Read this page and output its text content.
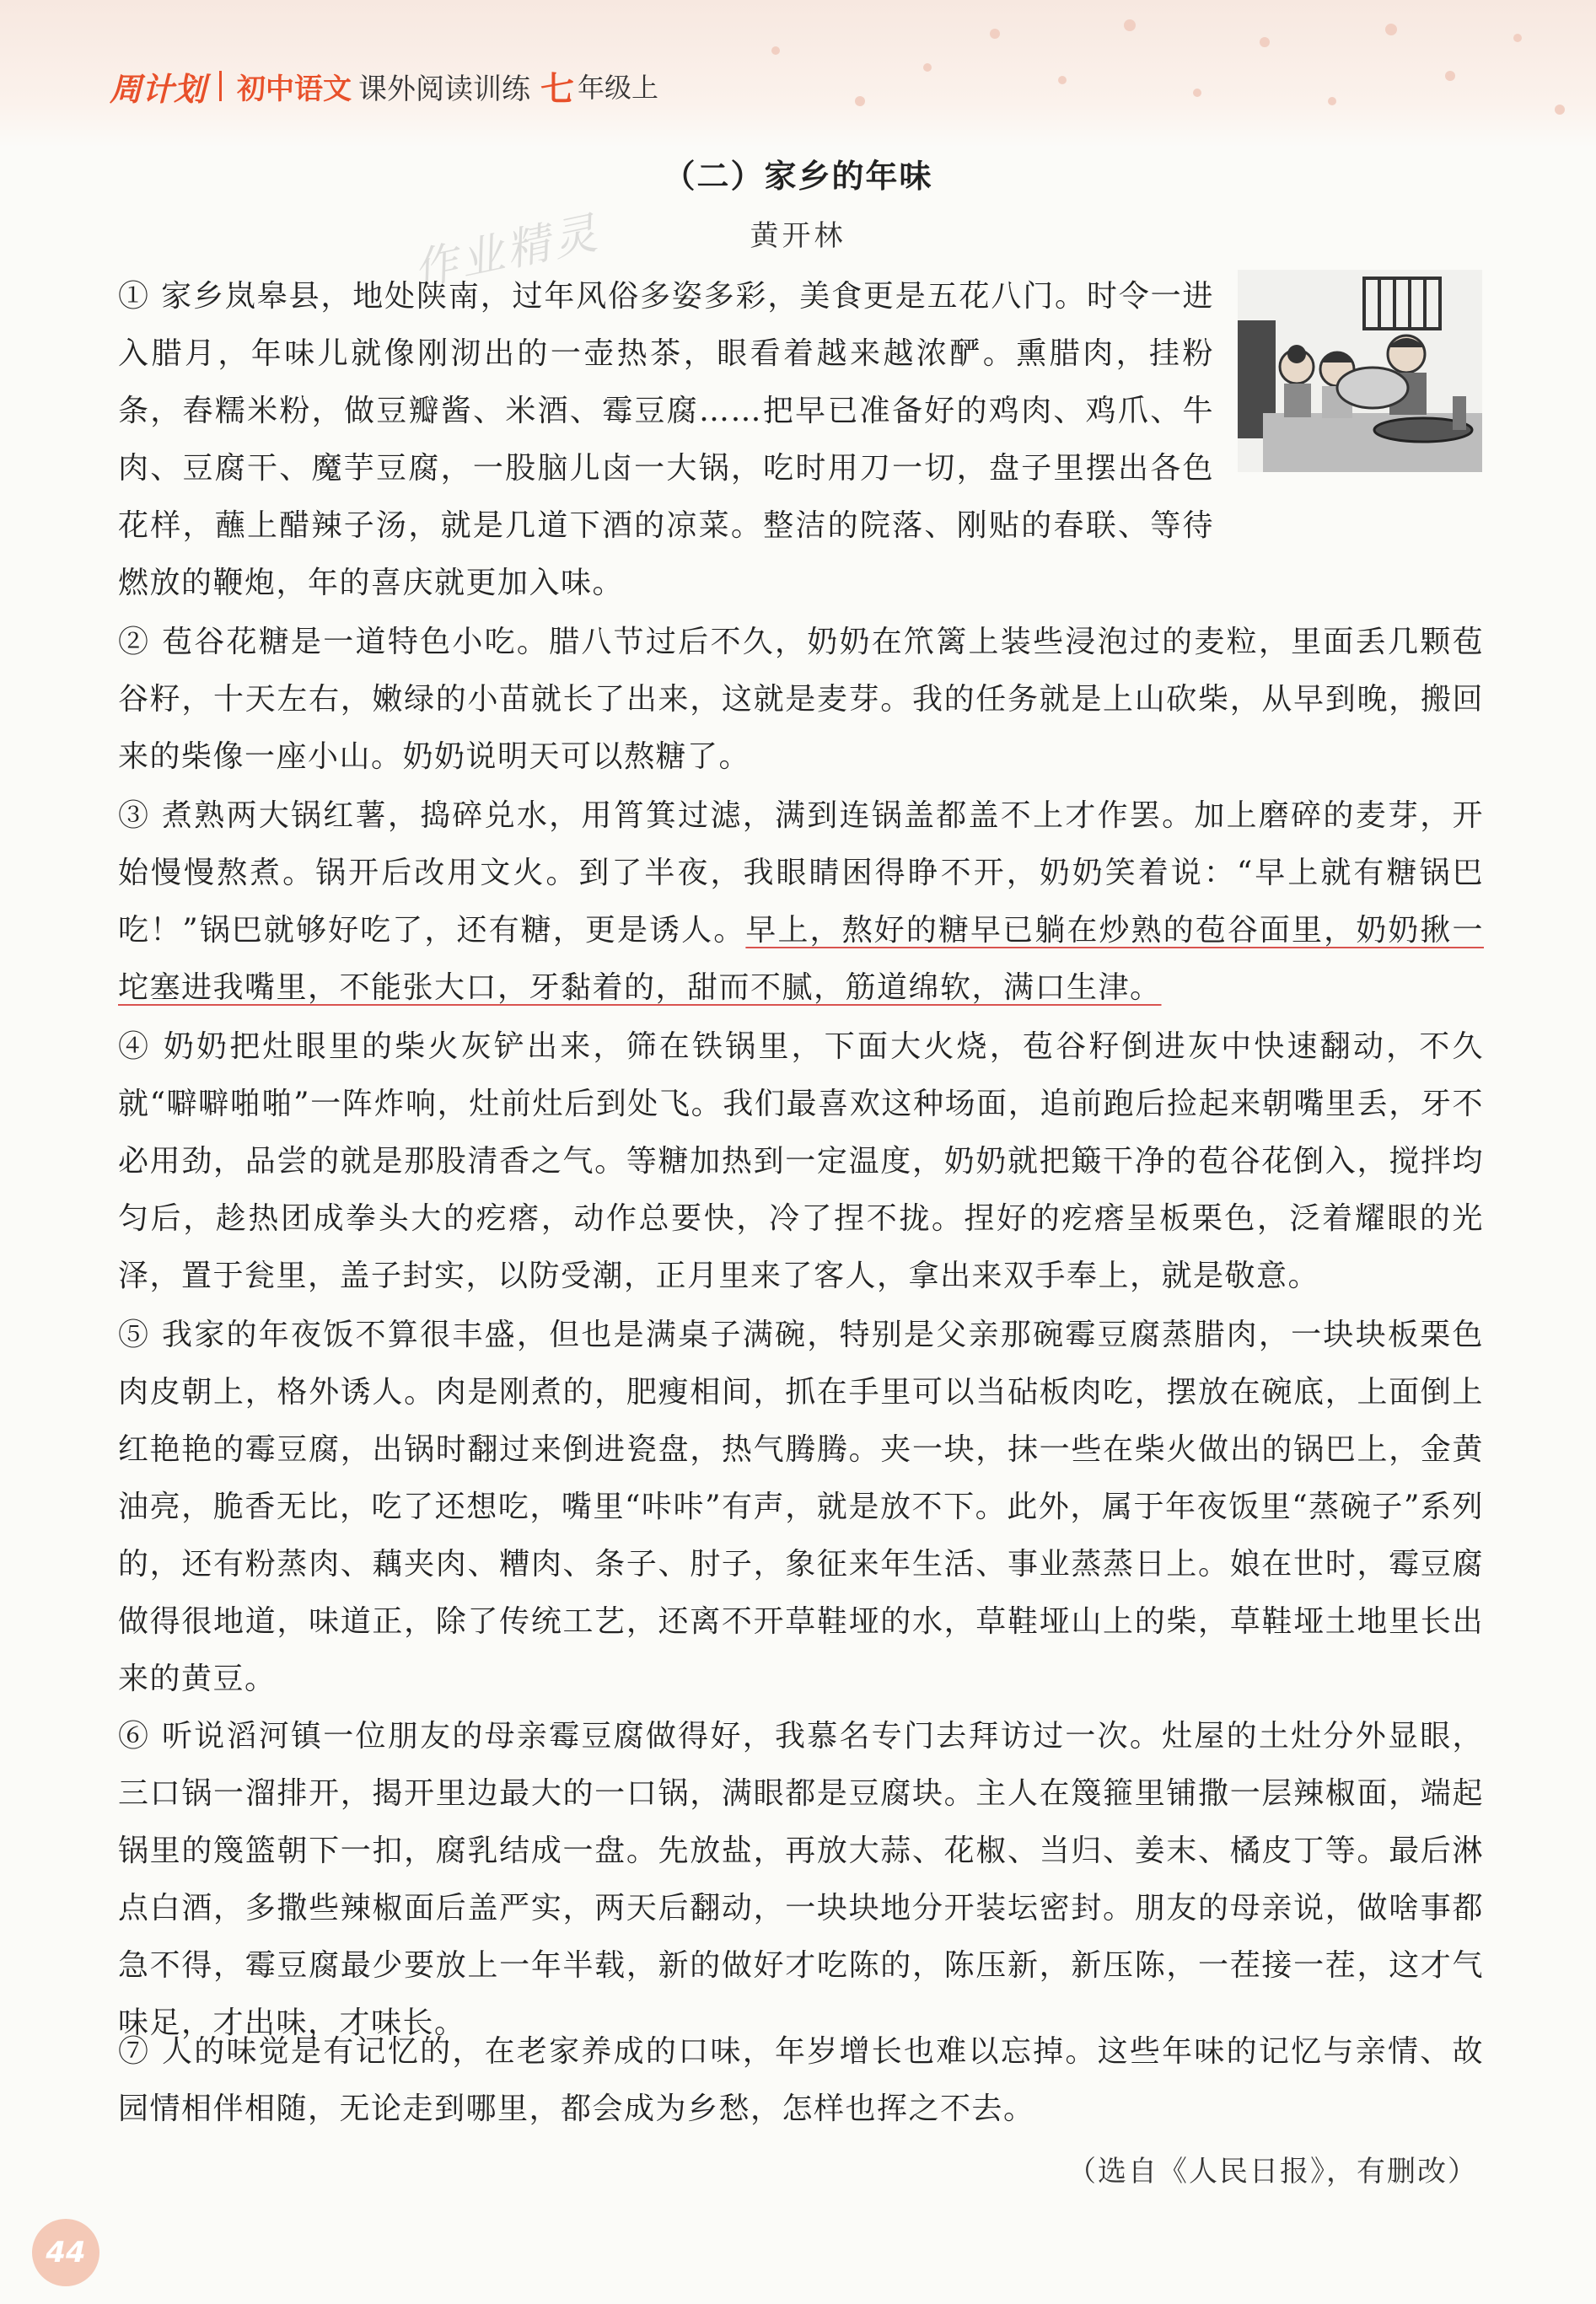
周计划 初中语文 课外阅读训练 七 年级上
（二）家乡的年味
黄开林
作业精灵

① 家乡岚皋县，地处陕南，过年风俗多姿多彩，美食更是五花八门。时令一进入腊月，年味儿就像刚沏出的一壶热茶，眼看着越来越浓酽。熏腊肉，挂粉条，舂糯米粉，做豆瓣酱、米酒、霉豆腐……把早已准备好的鸡肉、鸡爪、牛肉、豆腐干、魔芋豆腐，一股脑儿卤一大锅，吃时用刀一切，盘子里摆出各色花样，蘸上醋辣子汤，就是几道下酒的凉菜。整洁的院落、刚贴的春联、等待燃放的鞭炮，年的喜庆就更加入味。

② 苞谷花糖是一道特色小吃。腊八节过后不久，奶奶在笊篱上装些浸泡过的麦粒，里面丢几颗苞谷籽，十天左右，嫩绿的小苗就长了出来，这就是麦芽。我的任务就是上山砍柴，从早到晚，搬回来的柴像一座小山。奶奶说明天可以熬糖了。

③ 煮熟两大锅红薯，捣碎兑水，用筲箕过滤，满到连锅盖都盖不上才作罢。加上磨碎的麦芽，开始慢慢熬煮。锅开后改用文火。到了半夜，我眼睛困得睁不开，奶奶笑着说：“早上就有糖锅巴吃！”锅巴就够好吃了，还有糖，更是诱人。早上，熬好的糖早已躺在炒熟的苞谷面里，奶奶揪一坨塞进我嘴里，不能张大口，牙黏着的，甜而不腻，筋道绵软，满口生津。

④ 奶奶把灶眼里的柴火灰铲出来，筛在铁锅里，下面大火烧，苞谷籽倒进灰中快速翻动，不久就“噼噼啪啪”一阵炸响，灶前灶后到处飞。我们最喜欢这种场面，追前跑后捡起来朝嘴里丢，牙不必用劲，品尝的就是那股清香之气。等糖加热到一定温度，奶奶就把簸干净的苞谷花倒入，搅拌均匀后，趁热团成拳头大的疙瘩，动作总要快，冷了捏不拢。捏好的疙瘩呈板栗色，泛着耀眼的光泽，置于瓮里，盖子封实，以防受潮，正月里来了客人，拿出来双手奉上，就是敬意。

⑤ 我家的年夜饭不算很丰盛，但也是满桌子满碗，特别是父亲那碗霉豆腐蒸腊肉，一块块板栗色肉皮朝上，格外诱人。肉是刚煮的，肥瘦相间，抓在手里可以当砧板肉吃，摆放在碗底，上面倒上红艳艳的霉豆腐，出锅时翻过来倒进瓷盘，热气腾腾。夹一块，抹一些在柴火做出的锅巴上，金黄油亮，脆香无比，吃了还想吃，嘴里“咔咔”有声，就是放不下。此外，属于年夜饭里“蒸碗子”系列的，还有粉蒸肉、藕夹肉、糟肉、条子、肘子，象征来年生活、事业蒸蒸日上。娘在世时，霉豆腐做得很地道，味道正，除了传统工艺，还离不开草鞋垭的水，草鞋垭山上的柴，草鞋垭土地里长出来的黄豆。

⑥ 听说滔河镇一位朋友的母亲霉豆腐做得好，我慕名专门去拜访过一次。灶屋的土灶分外显眼，三口锅一溜排开，揭开里边最大的一口锅，满眼都是豆腐块。主人在篾箍里铺撒一层辣椒面，端起锅里的篾篮朝下一扣，腐乳结成一盘。先放盐，再放大蒜、花椒、当归、姜末、橘皮丁等。最后淋点白酒，多撒些辣椒面后盖严实，两天后翻动，一块块地分开装坛密封。朋友的母亲说，做啥事都急不得，霉豆腐最少要放上一年半载，新的做好才吃陈的，陈压新，新压陈，一茬接一茬，这才气味足，才出味，才味长。

⑦ 人的味觉是有记忆的，在老家养成的口味，年岁增长也难以忘掉。这些年味的记忆与亲情、故园情相伴相随，无论走到哪里，都会成为乡愁，怎样也挥之不去。

（选自《人民日报》，有删改）
44
